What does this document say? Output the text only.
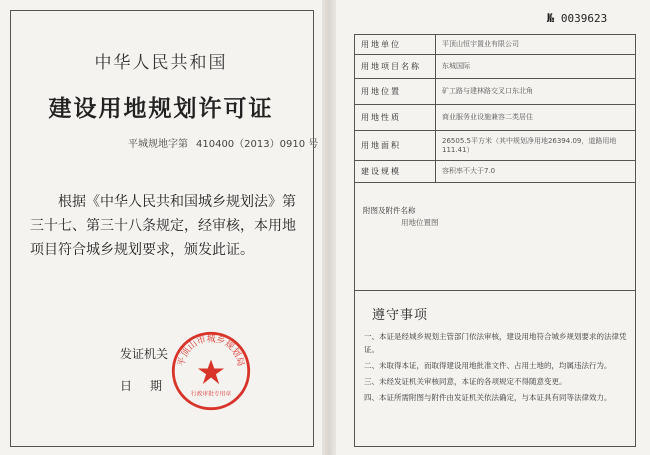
中华人民共和国
建设用地规划许可证
平城规地字第 410400（2013）0910 号
根据《中华人民共和国城乡规划法》第三十七、第三十八条规定，经审核，本用地项目符合城乡规划要求，颁发此证。
发证机关
日期
平顶山市城乡规划局
行政审批专用章
№ 0039623
用地单位	平顶山恒宇置业有限公司
用地项目名称	东城国际
用地位置	矿工路与建林路交叉口东北角
用地性质	商业服务业设施兼容二类居住
用地面积	26505.5平方米（其中规划净用地26394.09，道路用地111.41）
建设规模	容积率不大于7.0
附图及附件名称
用地位置图
遵守事项
一、本证是经城乡规划主管部门依法审核，建设用地符合城乡规划要求的法律凭证。
二、未取得本证，而取得建设用地批准文件、占用土地的，均属违法行为。
三、未经发证机关审核同意，本证的各项规定不得随意变更。
四、本证所需附图与附件由发证机关依法确定，与本证具有同等法律效力。
